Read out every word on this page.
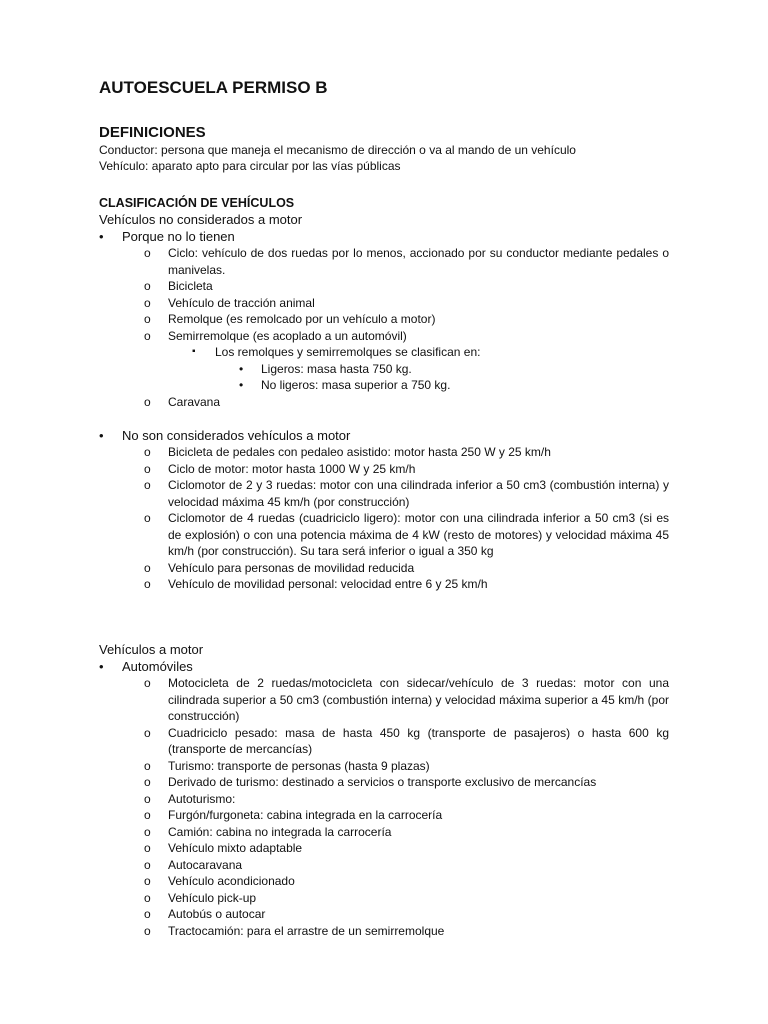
AUTOESCUELA PERMISO B
DEFINICIONES
Conductor: persona que maneja el mecanismo de dirección o va al mando de un vehículo
Vehículo: aparato apto para circular por las vías públicas
CLASIFICACIÓN DE VEHÍCULOS
Vehículos no considerados a motor
• Porque no lo tienen
o Ciclo: vehículo de dos ruedas por lo menos, accionado por su conductor mediante pedales o manivelas.
o Bicicleta
o Vehículo de tracción animal
o Remolque (es remolcado por un vehículo a motor)
o Semirremolque (es acoplado a un automóvil)
▪ Los remolques y semirremolques se clasifican en:
• Ligeros: masa hasta 750 kg.
• No ligeros: masa superior a 750 kg.
o Caravana
• No son considerados vehículos a motor
o Bicicleta de pedales con pedaleo asistido: motor hasta 250 W y 25 km/h
o Ciclo de motor: motor hasta 1000 W y 25 km/h
o Ciclomotor de 2 y 3 ruedas: motor con una cilindrada inferior a 50 cm3 (combustión interna) y velocidad máxima 45 km/h (por construcción)
o Ciclomotor de 4 ruedas (cuadriciclo ligero): motor con una cilindrada inferior a 50 cm3 (si es de explosión) o con una potencia máxima de 4 kW (resto de motores) y velocidad máxima 45 km/h (por construcción). Su tara será inferior o igual a 350 kg
o Vehículo para personas de movilidad reducida
o Vehículo de movilidad personal: velocidad entre 6 y 25 km/h
Vehículos a motor
• Automóviles
o Motocicleta de 2 ruedas/motocicleta con sidecar/vehículo de 3 ruedas: motor con una cilindrada superior a 50 cm3 (combustión interna) y velocidad máxima superior a 45 km/h (por construcción)
o Cuadriciclo pesado: masa de hasta 450 kg (transporte de pasajeros) o hasta 600 kg (transporte de mercancías)
o Turismo: transporte de personas (hasta 9 plazas)
o Derivado de turismo: destinado a servicios o transporte exclusivo de mercancías
o Autoturismo:
o Furgón/furgoneta: cabina integrada en la carrocería
o Camión: cabina no integrada la carrocería
o Vehículo mixto adaptable
o Autocaravana
o Vehículo acondicionado
o Vehículo pick-up
o Autobús o autocar
o Tractocamión: para el arrastre de un semirremolque
